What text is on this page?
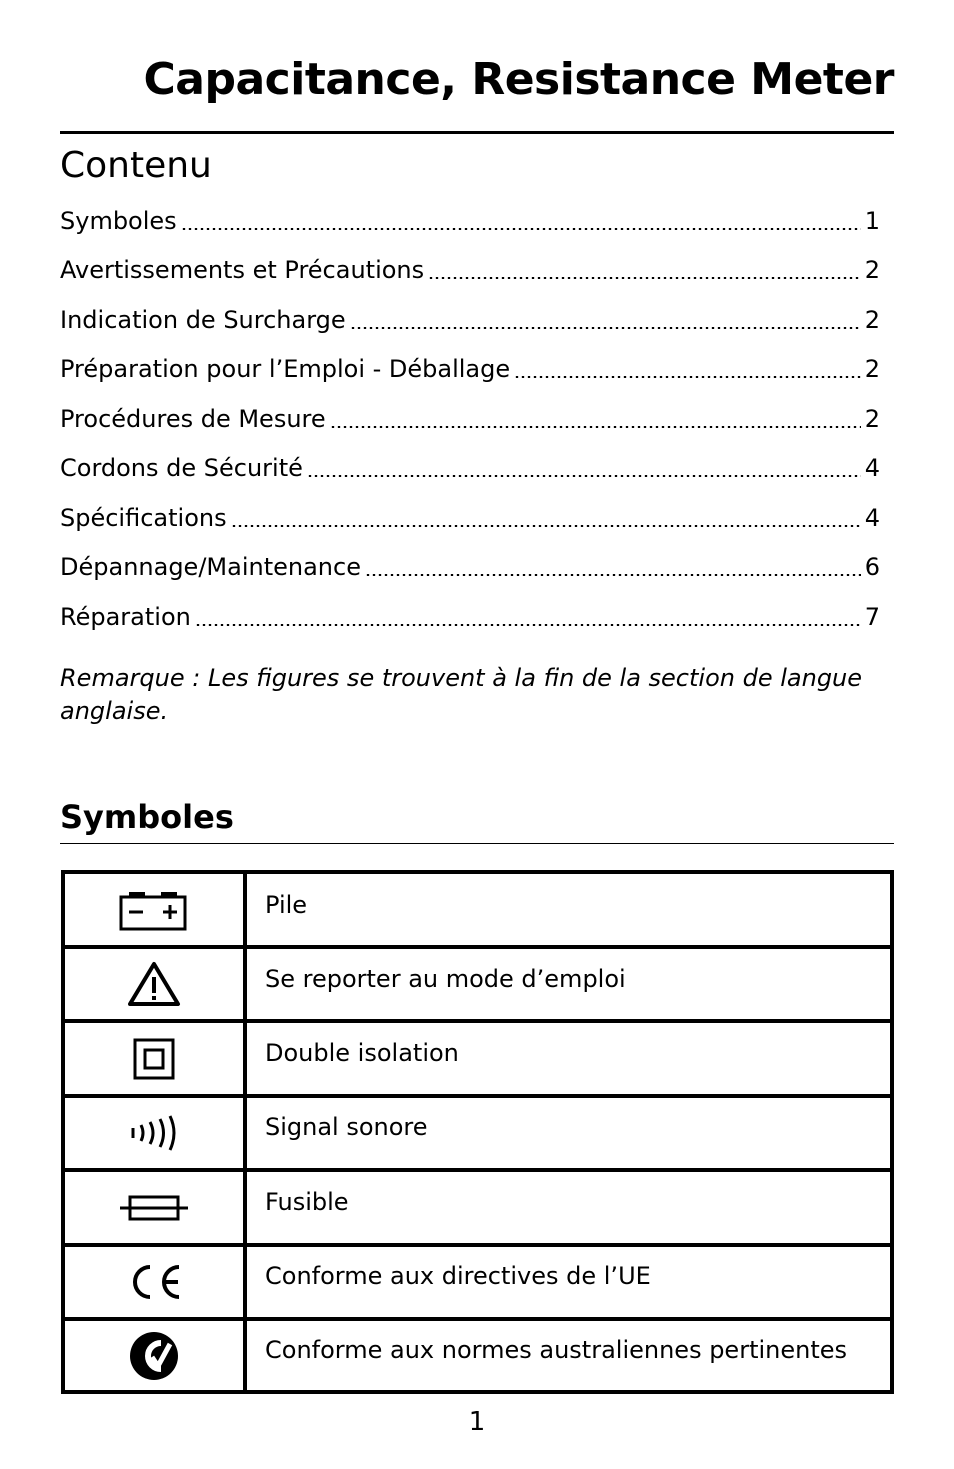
Capacitance, Resistance Meter
Contenu
Symboles	1
Avertissements et Précautions	2
Indication de Surcharge	2
Préparation pour l’Emploi - Déballage	2
Procédures de Mesure	2
Cordons de Sécurité	4
Spécifications	4
Dépannage/Maintenance	6
Réparation	7
Remarque : Les figures se trouvent à la fin de la section de langue anglaise.
Symboles
Pile
Se reporter au mode d’emploi
Double isolation
Signal sonore
Fusible
Conforme aux directives de l’UE
Conforme aux normes australiennes pertinentes
1
